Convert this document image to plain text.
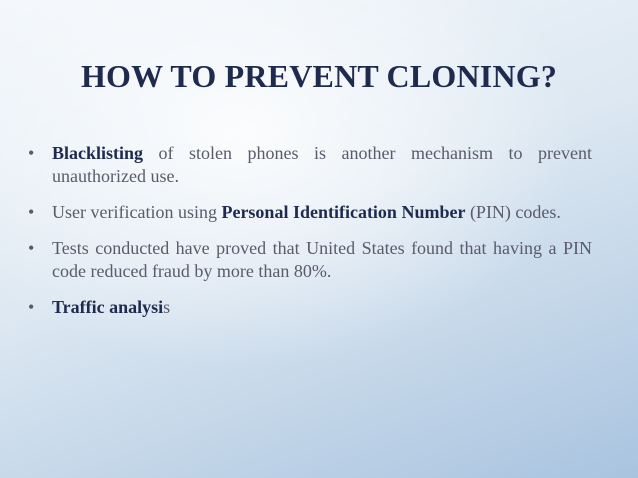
HOW TO PREVENT CLONING?
• Blacklisting of stolen phones is another mechanism to prevent unauthorized use.
• User verification using Personal Identification Number (PIN) codes.
• Tests conducted have proved that United States found that having a PIN code reduced fraud by more than 80%.
• Traffic analysis
